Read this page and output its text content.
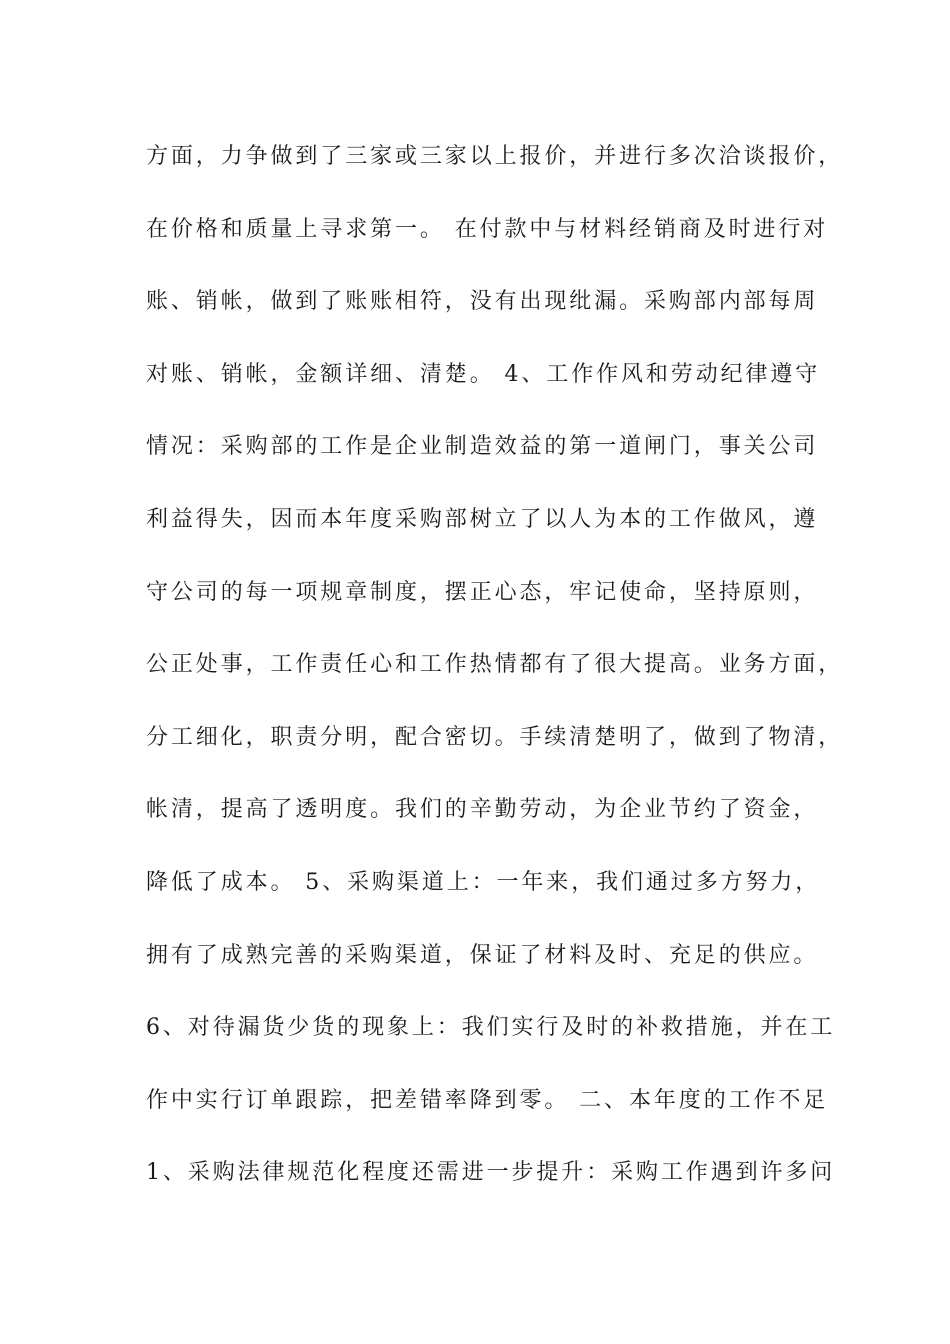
方面，力争做到了三家或三家以上报价，并进行多次洽谈报价，
在价格和质量上寻求第一。 在付款中与材料经销商及时进行对
账、销帐，做到了账账相符，没有出现纰漏。采购部内部每周
对账、销帐，金额详细、清楚。 4、工作作风和劳动纪律遵守
情况：采购部的工作是企业制造效益的第一道闸门，事关公司
利益得失，因而本年度采购部树立了以人为本的工作做风，遵
守公司的每一项规章制度，摆正心态，牢记使命，坚持原则，
公正处事，工作责任心和工作热情都有了很大提高。业务方面，
分工细化，职责分明，配合密切。手续清楚明了，做到了物清，
帐清，提高了透明度。我们的辛勤劳动，为企业节约了资金，
降低了成本。 5、采购渠道上：一年来，我们通过多方努力，
拥有了成熟完善的采购渠道，保证了材料及时、充足的供应。
6、对待漏货少货的现象上：我们实行及时的补救措施，并在工
作中实行订单跟踪，把差错率降到零。 二、本年度的工作不足
1、采购法律规范化程度还需进一步提升：采购工作遇到许多问
